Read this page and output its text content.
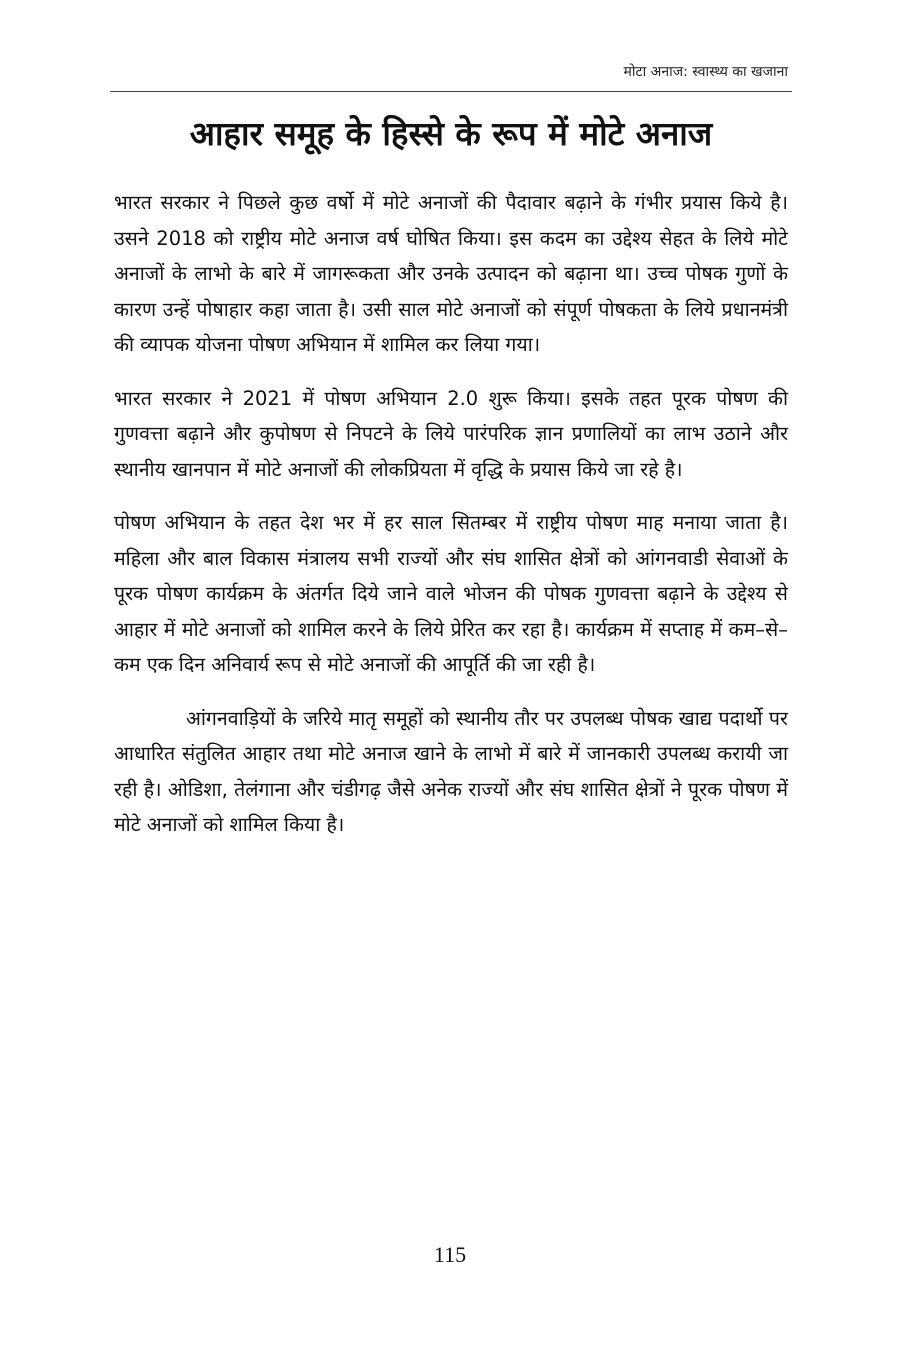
मोटा अनाज: स्वास्थ्य का खजाना
आहार समूह के हिस्से के रूप में मोटे अनाज

भारत सरकार ने पिछले कुछ वर्षो में मोटे अनाजों की पैदावार बढ़ाने के गंभीर प्रयास किये है। उसने 2018 को राष्ट्रीय मोटे अनाज वर्ष घोषित किया। इस कदम का उद्देश्य सेहत के लिये मोटे अनाजों के लाभो के बारे में जागरूकता और उनके उत्पादन को बढ़ाना था। उच्च पोषक गुणों के कारण उन्हें पोषाहार कहा जाता है। उसी साल मोटे अनाजों को संपूर्ण पोषकता के लिये प्रधानमंत्री की व्यापक योजना पोषण अभियान में शामिल कर लिया गया।

भारत सरकार ने 2021 में पोषण अभियान 2.0 शुरू किया। इसके तहत पूरक पोषण की गुणवत्ता बढ़ाने और कुपोषण से निपटने के लिये पारंपरिक ज्ञान प्रणालियों का लाभ उठाने और स्थानीय खानपान में मोटे अनाजों की लोकप्रियता में वृद्धि के प्रयास किये जा रहे है।

पोषण अभियान के तहत देश भर में हर साल सितम्बर में राष्ट्रीय पोषण माह मनाया जाता है। महिला और बाल विकास मंत्रालय सभी राज्यों और संघ शासित क्षेत्रों को आंगनवाडी सेवाओं के पूरक पोषण कार्यक्रम के अंतर्गत दिये जाने वाले भोजन की पोषक गुणवत्ता बढ़ाने के उद्देश्य से आहार में मोटे अनाजों को शामिल करने के लिये प्रेरित कर रहा है। कार्यक्रम में सप्ताह में कम–से–कम एक दिन अनिवार्य रूप से मोटे अनाजों की आपूर्ति की जा रही है।

आंगनवाड़ियों के जरिये मातृ समूहों को स्थानीय तौर पर उपलब्ध पोषक खाद्य पदार्थो पर आधारित संतुलित आहार तथा मोटे अनाज खाने के लाभो में बारे में जानकारी उपलब्ध करायी जा रही है। ओडिशा, तेलंगाना और चंडीगढ़ जैसे अनेक राज्यों और संघ शासित क्षेत्रों ने पूरक पोषण मेें मोटे अनाजों को शामिल किया है।

115
